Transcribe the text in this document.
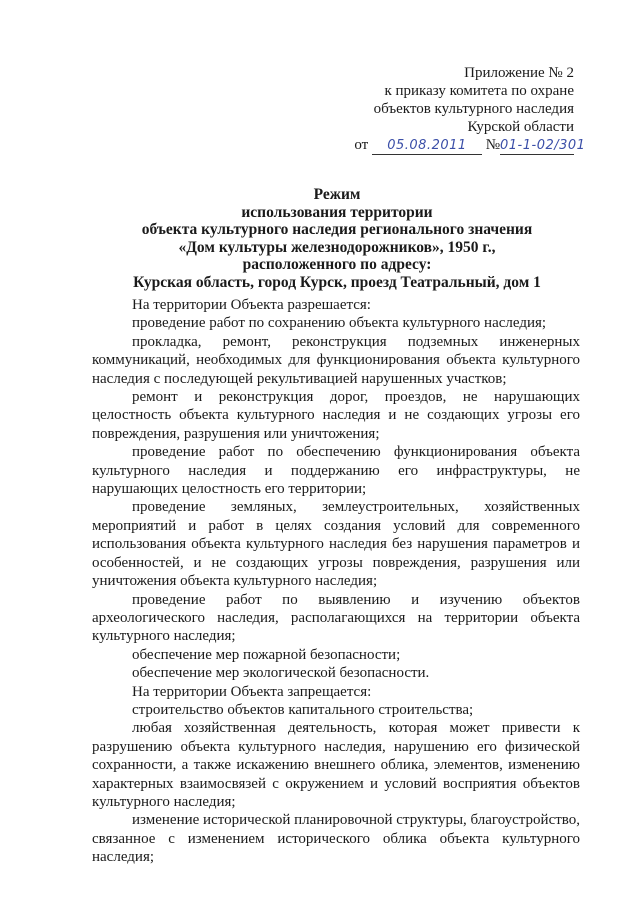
Приложение № 2
к приказу комитета по охране
объектов культурного наследия
Курской области
от 05.08.2011 №01-1-02/301
Режим
использования территории
объекта культурного наследия регионального значения
«Дом культуры железнодорожников», 1950 г.,
расположенного по адресу:
Курская область, город Курск, проезд Театральный, дом 1

На территории Объекта разрешается:

проведение работ по сохранению объекта культурного наследия;

прокладка, ремонт, реконструкция подземных инженерных коммуникаций, необходимых для функционирования объекта культурного наследия с последующей рекультивацией нарушенных участков;

ремонт и реконструкция дорог, проездов, не нарушающих целостность объекта культурного наследия и не создающих угрозы его повреждения, разрушения или уничтожения;

проведение работ по обеспечению функционирования объекта культурного наследия и поддержанию его инфраструктуры, не нарушающих целостность его территории;

проведение земляных, землеустроительных, хозяйственных мероприятий и работ в целях создания условий для современного использования объекта культурного наследия без нарушения параметров и особенностей, и не создающих угрозы повреждения, разрушения или уничтожения объекта культурного наследия;

проведение работ по выявлению и изучению объектов археологического наследия, располагающихся на территории объекта культурного наследия;

обеспечение мер пожарной безопасности;

обеспечение мер экологической безопасности.

На территории Объекта запрещается:

строительство объектов капитального строительства;

любая хозяйственная деятельность, которая может привести к разрушению объекта культурного наследия, нарушению его физической сохранности, а также искажению внешнего облика, элементов, изменению характерных взаимосвязей с окружением и условий восприятия объектов культурного наследия;

изменение исторической планировочной структуры, благоустройство, связанное с изменением исторического облика объекта культурного наследия;
